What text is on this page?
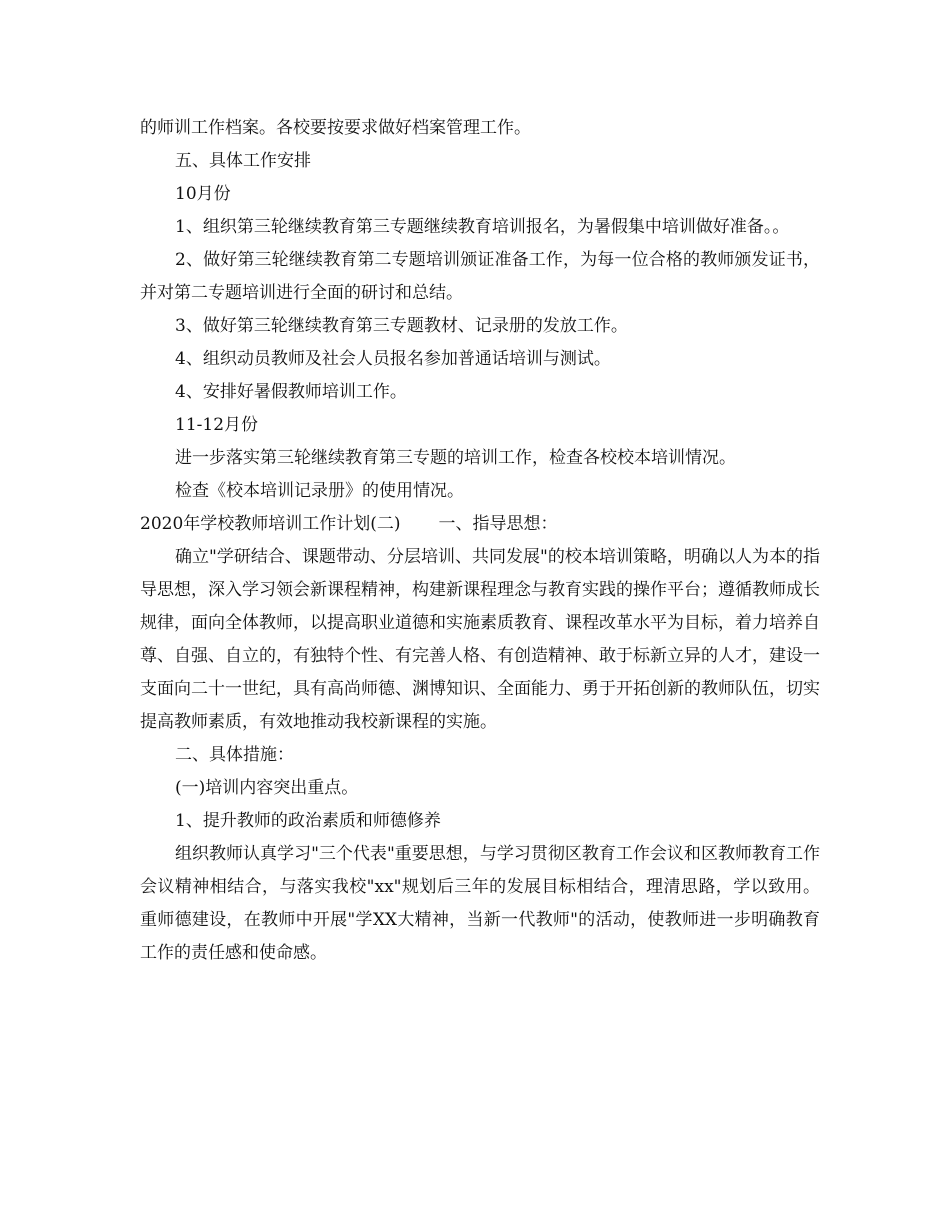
的师训工作档案。各校要按要求做好档案管理工作。

五、具体工作安排

10月份

1、组织第三轮继续教育第三专题继续教育培训报名，为暑假集中培训做好准备。。

2、做好第三轮继续教育第二专题培训颁证准备工作，为每一位合格的教师颁发证书，并对第二专题培训进行全面的研讨和总结。

3、做好第三轮继续教育第三专题教材、记录册的发放工作。

4、组织动员教师及社会人员报名参加普通话培训与测试。

4、安排好暑假教师培训工作。

11-12月份

进一步落实第三轮继续教育第三专题的培训工作，检查各校校本培训情况。

检查《校本培训记录册》的使用情况。

2020年学校教师培训工作计划(二) 一、指导思想：

确立"学研结合、课题带动、分层培训、共同发展"的校本培训策略，明确以人为本的指导思想，深入学习领会新课程精神，构建新课程理念与教育实践的操作平台；遵循教师成长规律，面向全体教师，以提高职业道德和实施素质教育、课程改革水平为目标，着力培养自尊、自强、自立的，有独特个性、有完善人格、有创造精神、敢于标新立异的人才，建设一支面向二十一世纪，具有高尚师德、渊博知识、全面能力、勇于开拓创新的教师队伍，切实提高教师素质，有效地推动我校新课程的实施。

二、具体措施：

(一)培训内容突出重点。

1、提升教师的政治素质和师德修养

组织教师认真学习"三个代表"重要思想，与学习贯彻区教育工作会议和区教师教育工作会议精神相结合，与落实我校"xx"规划后三年的发展目标相结合，理清思路，学以致用。重师德建设，在教师中开展"学XX大精神，当新一代教师"的活动，使教师进一步明确教育工作的责任感和使命感。
